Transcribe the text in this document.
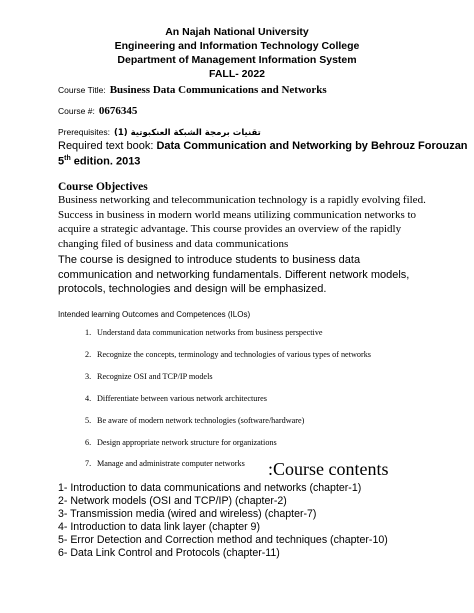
An Najah National University
Engineering and Information Technology College
Department of Management Information System
FALL- 2022
Course Title: Business Data Communications and Networks
Course #: 0676345
Prerequisites: تقنيات برمجة الشبكة العنكبوتية (1)
Required text book: Data Communication and Networking by Behrouz Forouzan
5th edition. 2013
Course Objectives
Business networking and telecommunication technology is a rapidly evolving filed. Success in business in modern world means utilizing communication networks to acquire a strategic advantage. This course provides an overview of the rapidly changing filed of business and data communications
The course is designed to introduce students to business data communication and networking fundamentals. Different network models, protocols, technologies and design will be emphasized.
Intended learning Outcomes and Competences (ILOs)
1. Understand data communication networks from business perspective
2. Recognize the concepts, terminology and technologies of various types of networks
3. Recognize OSI and TCP/IP models
4. Differentiate between various network architectures
5. Be aware of modern network technologies (software/hardware)
6. Design appropriate network structure for organizations
7. Manage and administrate computer networks :Course contents
1- Introduction to data communications and networks (chapter-1)
2- Network models (OSI and TCP/IP) (chapter-2)
3- Transmission media (wired and wireless) (chapter-7)
4- Introduction to data link layer (chapter 9)
5- Error Detection and Correction method and techniques (chapter-10)
6- Data Link Control and Protocols (chapter-11)
